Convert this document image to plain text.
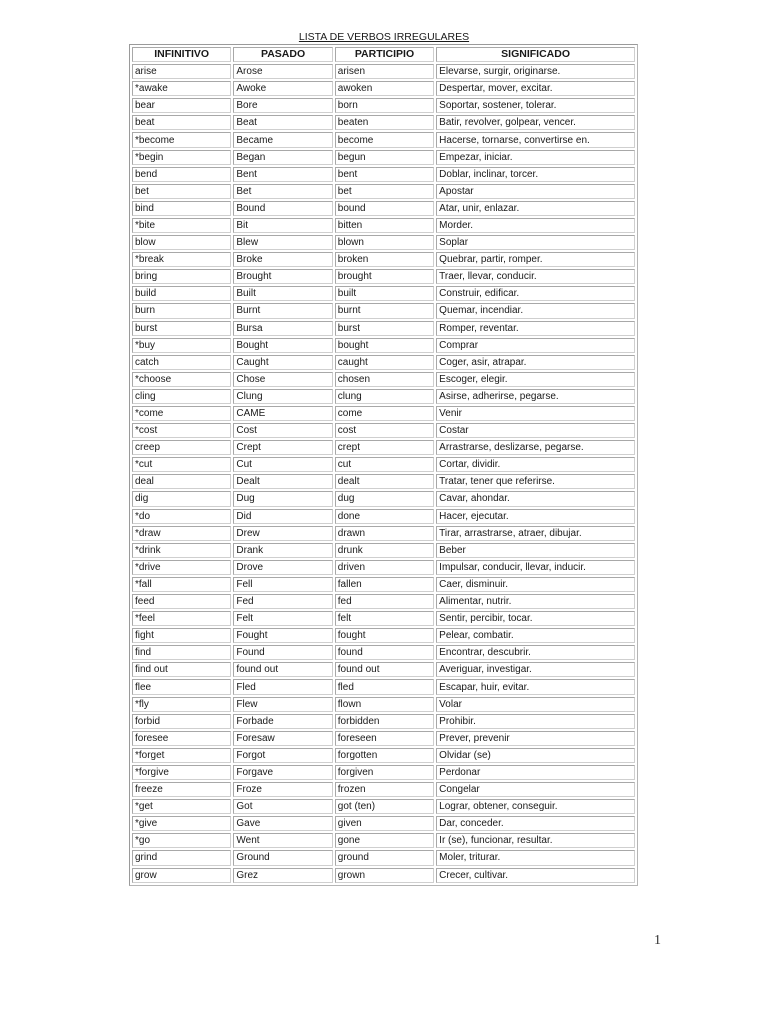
LISTA DE VERBOS IRREGULARES
INFINITIVO	PASADO	PARTICIPIO	SIGNIFICADO
arise	Arose	arisen	Elevarse, surgir, originarse.
*awake	Awoke	awoken	Despertar, mover, excitar.
bear	Bore	born	Soportar, sostener, tolerar.
beat	Beat	beaten	Batir, revolver, golpear, vencer.
*become	Became	become	Hacerse, tornarse, convertirse en.
*begin	Began	begun	Empezar, iniciar.
bend	Bent	bent	Doblar, inclinar, torcer.
bet	Bet	bet	Apostar
bind	Bound	bound	Atar, unir, enlazar.
*bite	Bit	bitten	Morder.
blow	Blew	blown	Soplar
*break	Broke	broken	Quebrar, partir, romper.
bring	Brought	brought	Traer, llevar, conducir.
build	Built	built	Construir, edificar.
burn	Burnt	burnt	Quemar, incendiar.
burst	Bursa	burst	Romper, reventar.
*buy	Bought	bought	Comprar
catch	Caught	caught	Coger, asir, atrapar.
*choose	Chose	chosen	Escoger, elegir.
cling	Clung	clung	Asirse, adherirse, pegarse.
*come	CAME	come	Venir
*cost	Cost	cost	Costar
creep	Crept	crept	Arrastrarse, deslizarse, pegarse.
*cut	Cut	cut	Cortar, dividir.
deal	Dealt	dealt	Tratar, tener que referirse.
dig	Dug	dug	Cavar, ahondar.
*do	Did	done	Hacer, ejecutar.
*draw	Drew	drawn	Tirar, arrastrarse, atraer, dibujar.
*drink	Drank	drunk	Beber
*drive	Drove	driven	Impulsar, conducir, llevar, inducir.
*fall	Fell	fallen	Caer, disminuir.
feed	Fed	fed	Alimentar, nutrir.
*feel	Felt	felt	Sentir, percibir, tocar.
fight	Fought	fought	Pelear, combatir.
find	Found	found	Encontrar, descubrir.
find out	found out	found out	Averiguar, investigar.
flee	Fled	fled	Escapar, huir, evitar.
*fly	Flew	flown	Volar
forbid	Forbade	forbidden	Prohibir.
foresee	Foresaw	foreseen	Prever, prevenir
*forget	Forgot	forgotten	Olvidar (se)
*forgive	Forgave	forgiven	Perdonar
freeze	Froze	frozen	Congelar
*get	Got	got (ten)	Lograr, obtener, conseguir.
*give	Gave	given	Dar, conceder.
*go	Went	gone	Ir (se), funcionar, resultar.
grind	Ground	ground	Moler, triturar.
grow	Grez	grown	Crecer, cultivar.
1
